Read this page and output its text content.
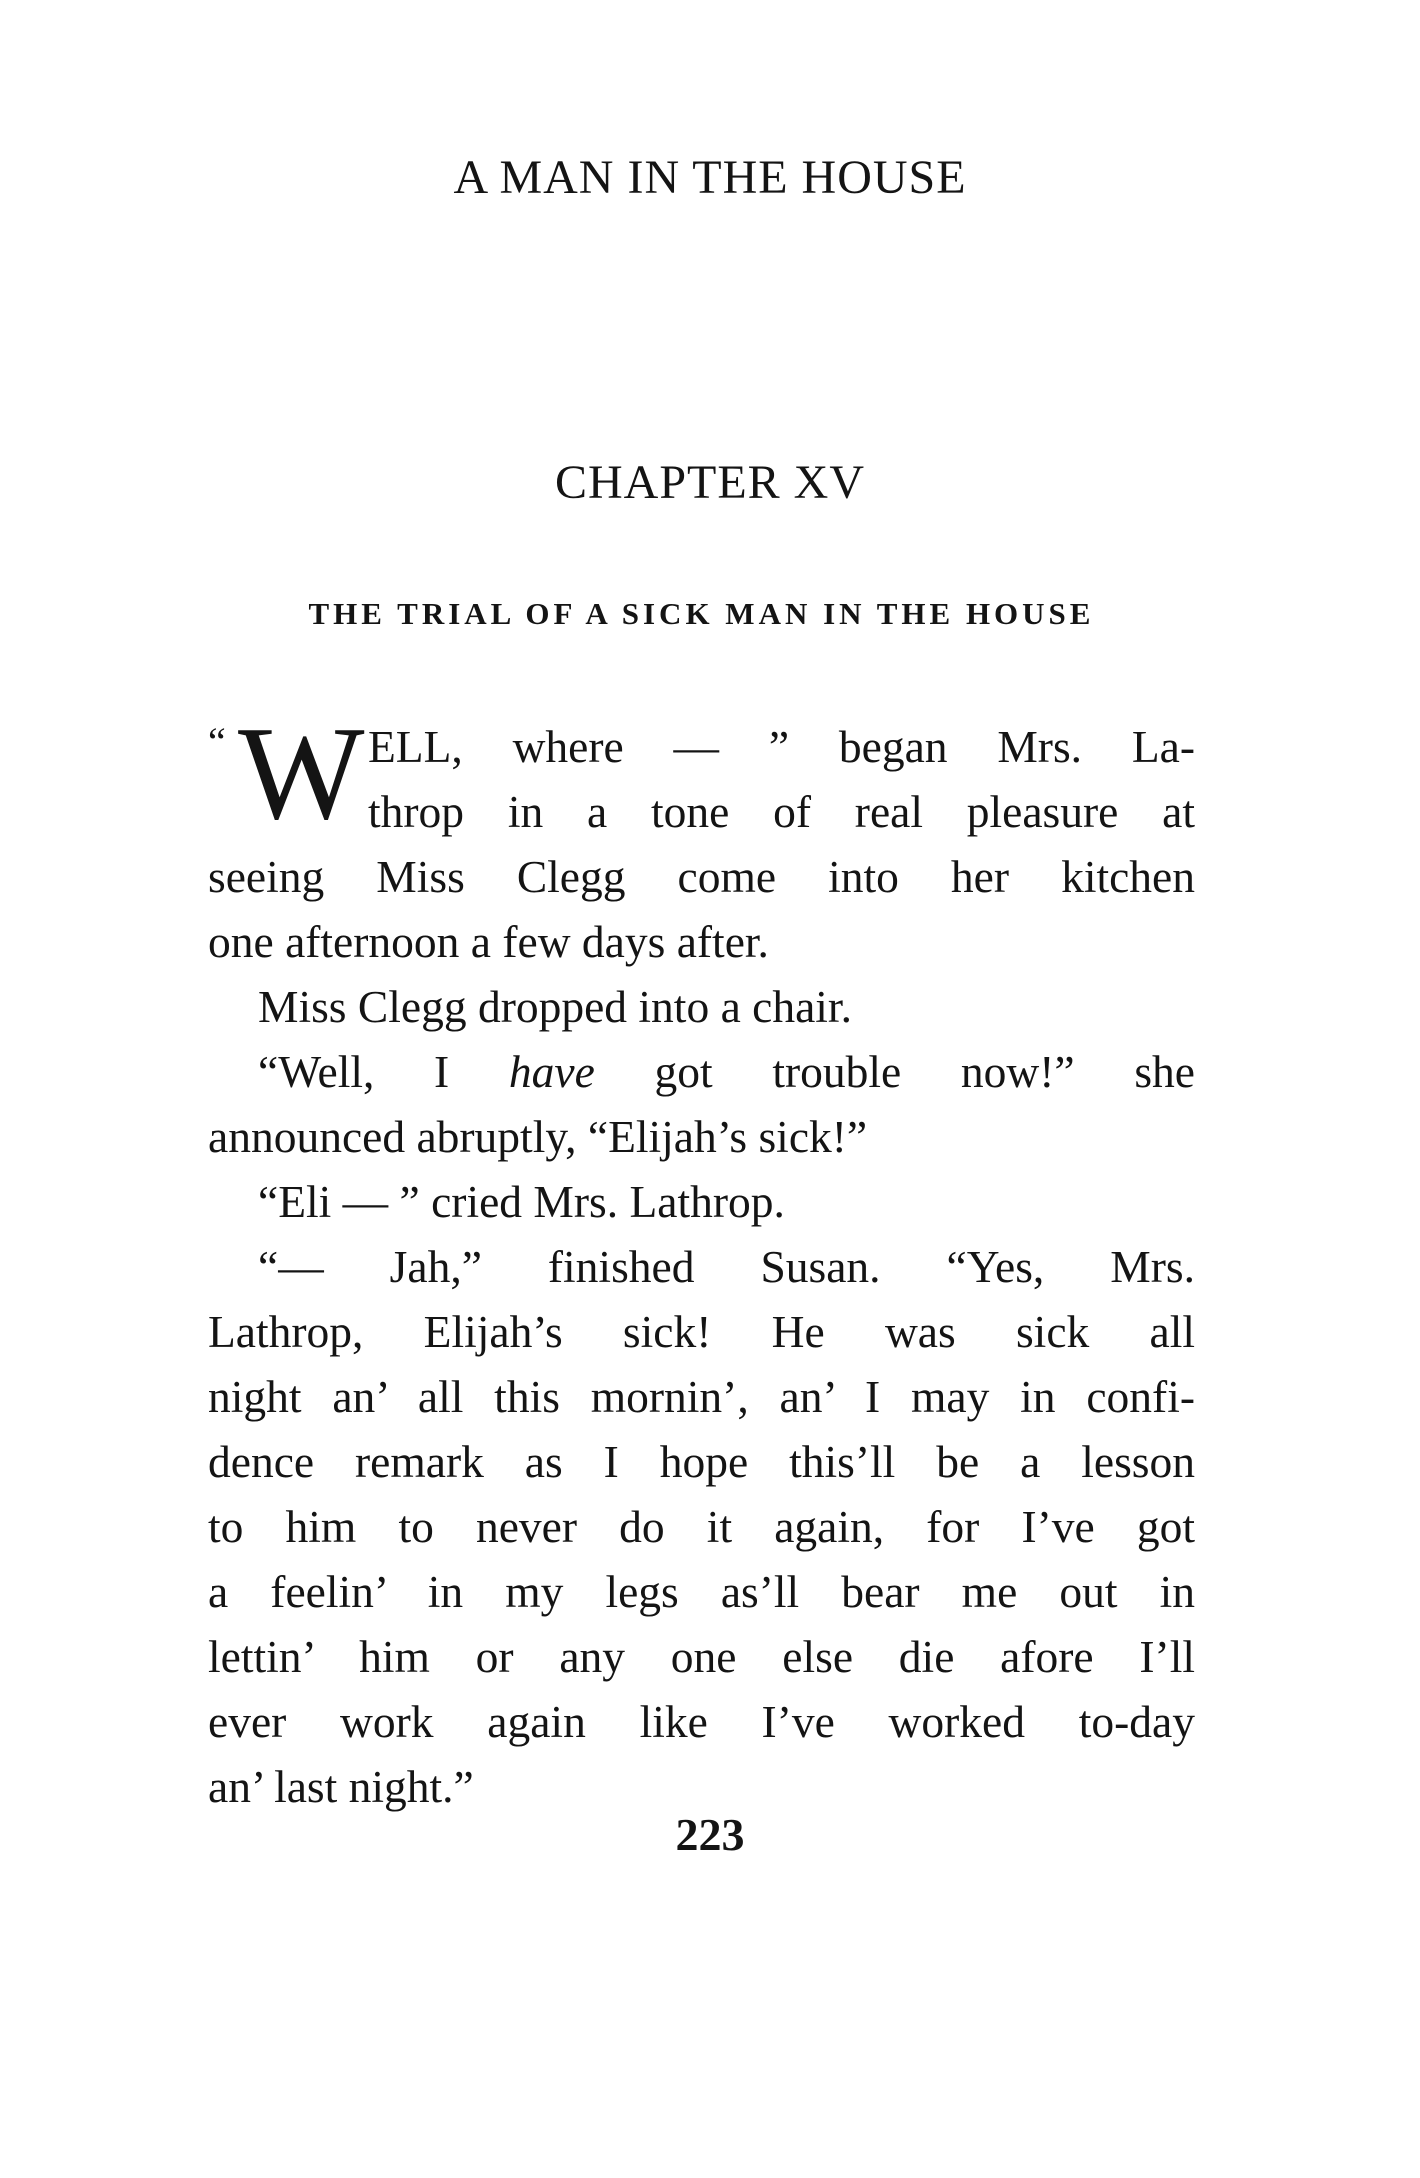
A MAN IN THE HOUSE
CHAPTER XV
THE TRIAL OF A SICK MAN IN THE HOUSE
“ W ELL, where — ” began Mrs. La-
throp in a tone of real pleasure at
seeing Miss Clegg come into her kitchen
one afternoon a few days after.
Miss Clegg dropped into a chair.
“Well, I have got trouble now!” she
announced abruptly, “Elijah’s sick!”
“Eli — ” cried Mrs. Lathrop.
“— Jah,” finished Susan. “Yes, Mrs.
Lathrop, Elijah’s sick! He was sick all
night an’ all this mornin’, an’ I may in confi-
dence remark as I hope this’ll be a lesson
to him to never do it again, for I’ve got
a feelin’ in my legs as’ll bear me out in
lettin’ him or any one else die afore I’ll
ever work again like I’ve worked to-day
an’ last night.”
223
